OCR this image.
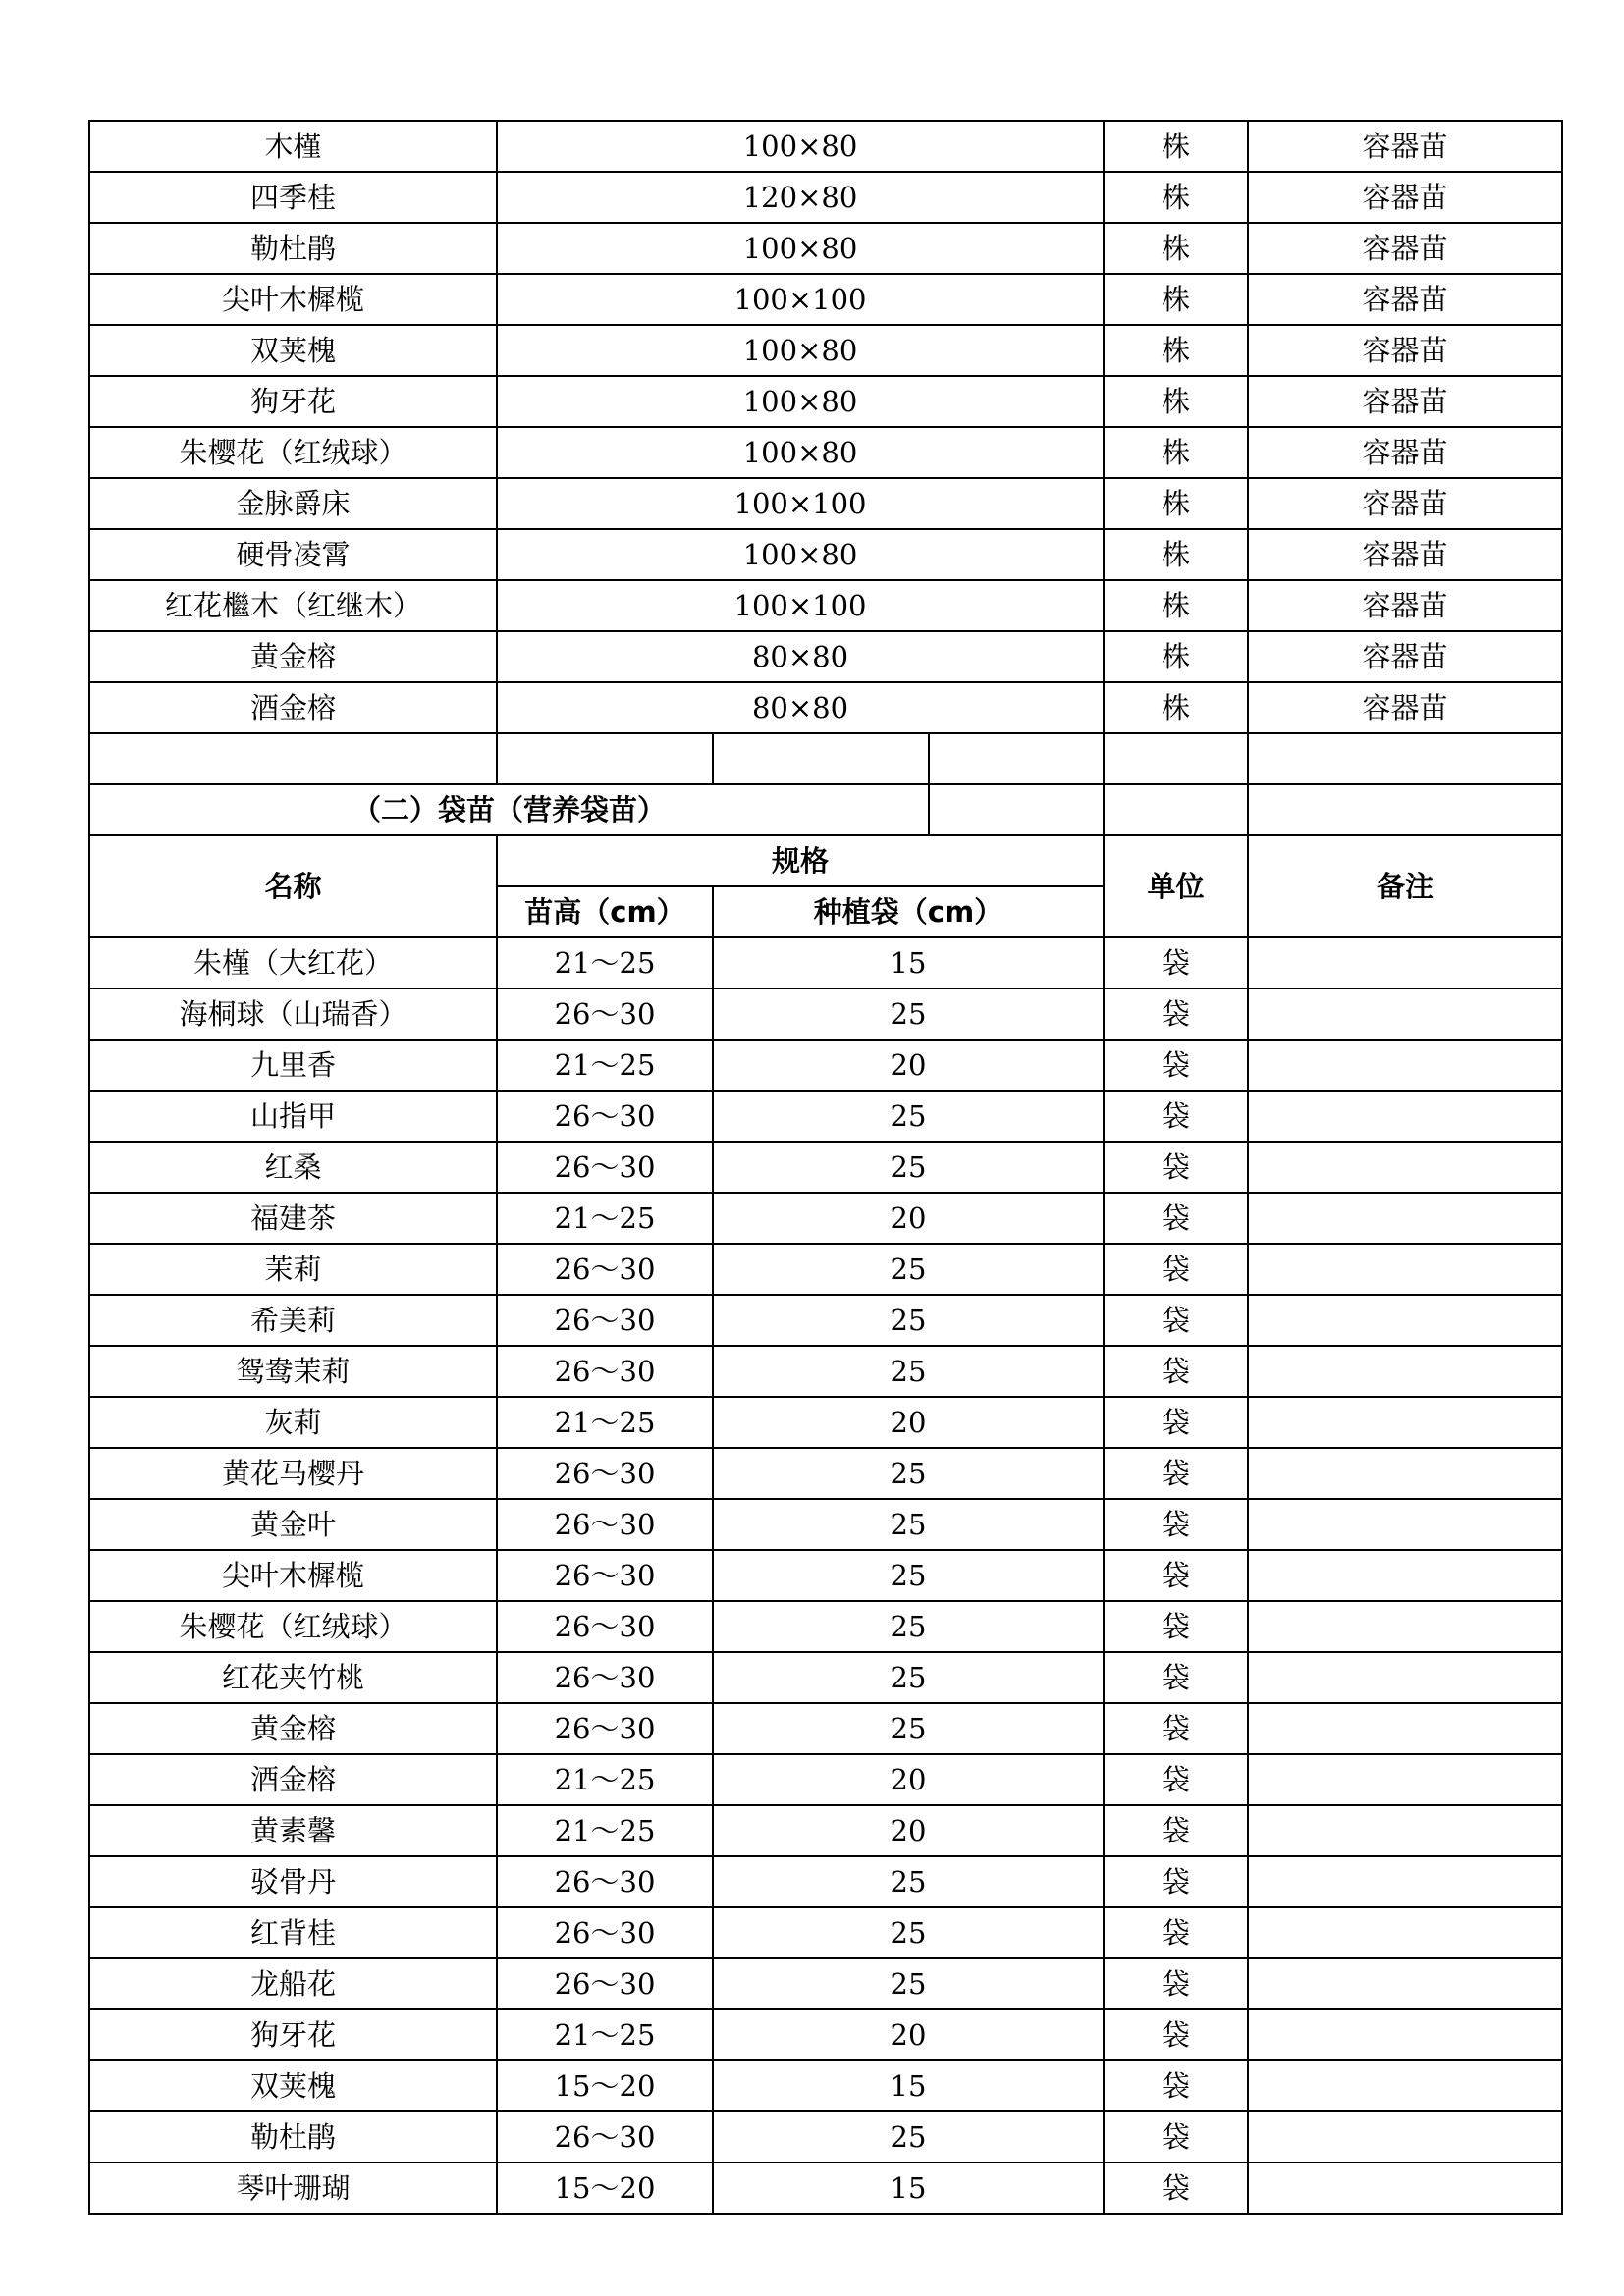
木槿	100×80			株	容器苗
四季桂	120×80			株	容器苗
勒杜鹃	100×80			株	容器苗
尖叶木樨榄	100×100			株	容器苗
双荚槐	100×80			株	容器苗
狗牙花	100×80			株	容器苗
朱樱花（红绒球）	100×80			株	容器苗
金脉爵床	100×100			株	容器苗
硬骨凌霄	100×80			株	容器苗
红花檵木（红继木）	100×100			株	容器苗
黄金榕	80×80			株	容器苗
酒金榕	80×80			株	容器苗

（二）袋苗（营养袋苗）					
名称	规格			单位	备注
	苗高（cm）	种植袋（cm）			
朱槿（大红花）	21～25	15		袋	
海桐球（山瑞香）	26～30	25		袋	
九里香	21～25	20		袋	
山指甲	26～30	25		袋	
红桑	26～30	25		袋	
福建茶	21～25	20		袋	
茉莉	26～30	25		袋	
希美莉	26～30	25		袋	
鸳鸯茉莉	26～30	25		袋	
灰莉	21～25	20		袋	
黄花马樱丹	26～30	25		袋	
黄金叶	26～30	25		袋	
尖叶木樨榄	26～30	25		袋	
朱樱花（红绒球）	26～30	25		袋	
红花夹竹桃	26～30	25		袋	
黄金榕	26～30	25		袋	
酒金榕	21～25	20		袋	
黄素馨	21～25	20		袋	
驳骨丹	26～30	25		袋	
红背桂	26～30	25		袋	
龙船花	26～30	25		袋	
狗牙花	21～25	20		袋	
双荚槐	15～20	15		袋	
勒杜鹃	26～30	25		袋	
琴叶珊瑚	15～20	15		袋	
